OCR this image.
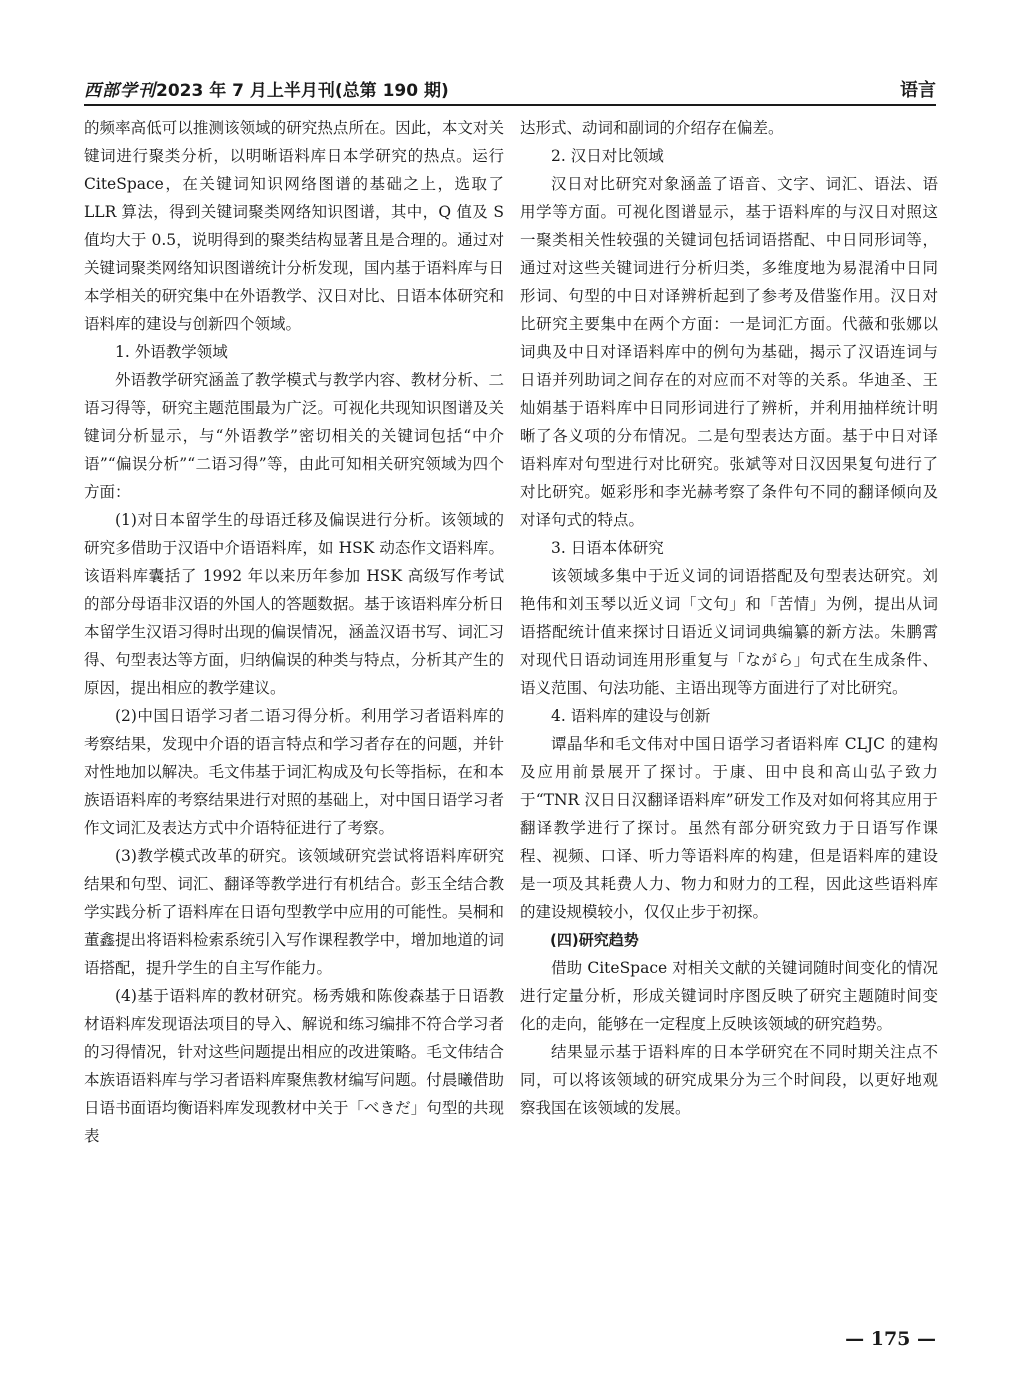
西部学刊2023 年 7 月上半月刊(总第 190 期)	语言

的频率高低可以推测该领域的研究热点所在。因此，本文对关键词进行聚类分析，以明晰语料库日本学研究的热点。运行 CiteSpace，在关键词知识网络图谱的基础之上，选取了 LLR 算法，得到关键词聚类网络知识图谱，其中，Q 值及 S 值均大于 0.5，说明得到的聚类结构显著且是合理的。通过对关键词聚类网络知识图谱统计分析发现，国内基于语料库与日本学相关的研究集中在外语教学、汉日对比、日语本体研究和语料库的建设与创新四个领域。

1. 外语教学领域

外语教学研究涵盖了教学模式与教学内容、教材分析、二语习得等，研究主题范围最为广泛。可视化共现知识图谱及关键词分析显示，与“外语教学”密切相关的关键词包括“中介语”“偏误分析”“二语习得”等，由此可知相关研究领域为四个方面：

(1)对日本留学生的母语迁移及偏误进行分析。该领域的研究多借助于汉语中介语语料库，如 HSK 动态作文语料库。该语料库囊括了 1992 年以来历年参加 HSK 高级写作考试的部分母语非汉语的外国人的答题数据。基于该语料库分析日本留学生汉语习得时出现的偏误情况，涵盖汉语书写、词汇习得、句型表达等方面，归纳偏误的种类与特点，分析其产生的原因，提出相应的教学建议。

(2)中国日语学习者二语习得分析。利用学习者语料库的考察结果，发现中介语的语言特点和学习者存在的问题，并针对性地加以解决。毛文伟基于词汇构成及句长等指标，在和本族语语料库的考察结果进行对照的基础上，对中国日语学习者作文词汇及表达方式中介语特征进行了考察。

(3)教学模式改革的研究。该领域研究尝试将语料库研究结果和句型、词汇、翻译等教学进行有机结合。彭玉全结合教学实践分析了语料库在日语句型教学中应用的可能性。吴桐和董鑫提出将语料检索系统引入写作课程教学中，增加地道的词语搭配，提升学生的自主写作能力。

(4)基于语料库的教材研究。杨秀娥和陈俊森基于日语教材语料库发现语法项目的导入、解说和练习编排不符合学习者的习得情况，针对这些问题提出相应的改进策略。毛文伟结合本族语语料库与学习者语料库聚焦教材编写问题。付晨曦借助日语书面语均衡语料库发现教材中关于「べきだ」句型的共现表

达形式、动词和副词的介绍存在偏差。

2. 汉日对比领域

汉日对比研究对象涵盖了语音、文字、词汇、语法、语用学等方面。可视化图谱显示，基于语料库的与汉日对照这一聚类相关性较强的关键词包括词语搭配、中日同形词等，通过对这些关键词进行分析归类，多维度地为易混淆中日同形词、句型的中日对译辨析起到了参考及借鉴作用。汉日对比研究主要集中在两个方面：一是词汇方面。代薇和张娜以词典及中日对译语料库中的例句为基础，揭示了汉语连词与日语并列助词之间存在的对应而不对等的关系。华迪圣、王灿娟基于语料库中日同形词进行了辨析，并利用抽样统计明晰了各义项的分布情况。二是句型表达方面。基于中日对译语料库对句型进行对比研究。张斌等对日汉因果复句进行了对比研究。姬彩彤和李光赫考察了条件句不同的翻译倾向及对译句式的特点。

3. 日语本体研究

该领域多集中于近义词的词语搭配及句型表达研究。刘艳伟和刘玉琴以近义词「文句」和「苦情」为例，提出从词语搭配统计值来探讨日语近义词词典编纂的新方法。朱鹏霄对现代日语动词连用形重复与「ながら」句式在生成条件、语义范围、句法功能、主语出现等方面进行了对比研究。

4. 语料库的建设与创新

谭晶华和毛文伟对中国日语学习者语料库 CLJC 的建构及应用前景展开了探讨。于康、田中良和高山弘子致力于“TNR 汉日日汉翻译语料库”研发工作及对如何将其应用于翻译教学进行了探讨。虽然有部分研究致力于日语写作课程、视频、口译、听力等语料库的构建，但是语料库的建设是一项及其耗费人力、物力和财力的工程，因此这些语料库的建设规模较小，仅仅止步于初探。

(四)研究趋势

借助 CiteSpace 对相关文献的关键词随时间变化的情况进行定量分析，形成关键词时序图反映了研究主题随时间变化的走向，能够在一定程度上反映该领域的研究趋势。

结果显示基于语料库的日本学研究在不同时期关注点不同，可以将该领域的研究成果分为三个时间段，以更好地观察我国在该领域的发展。

— 175 —
